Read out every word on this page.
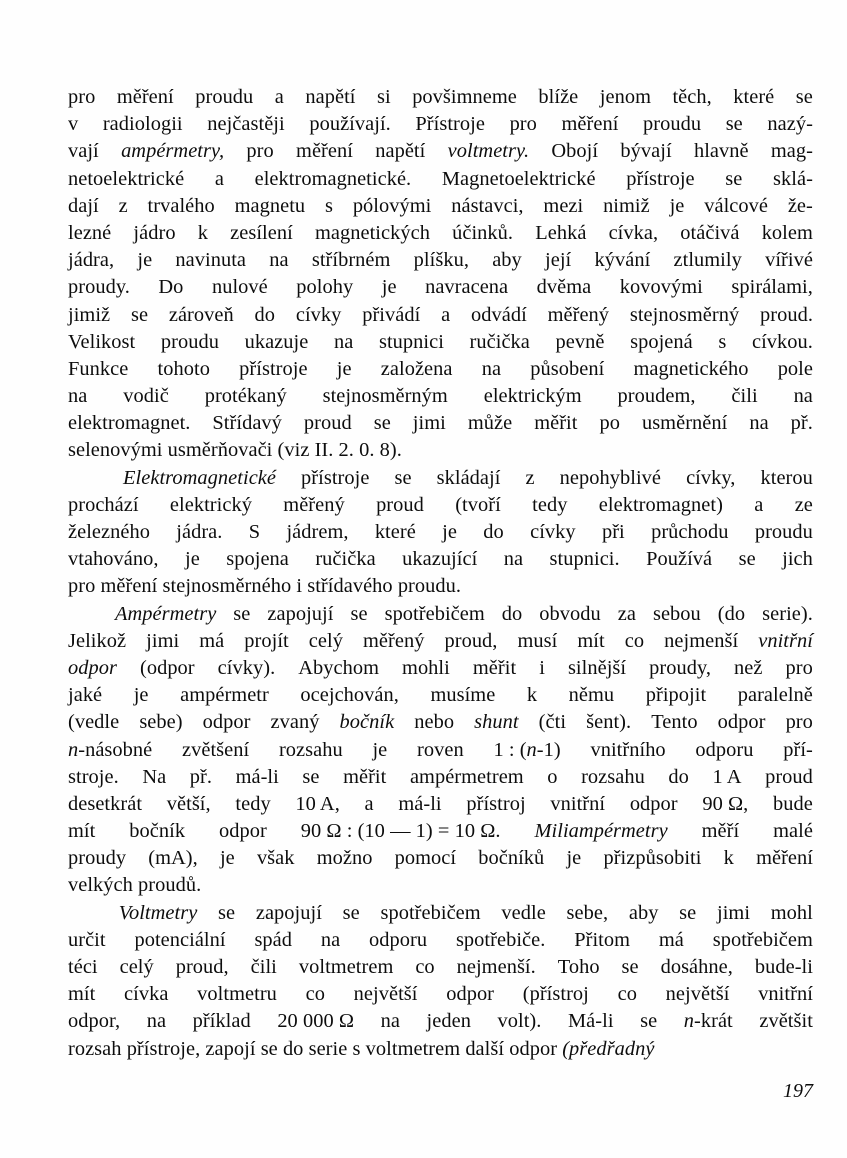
pro měření proudu a napětí si povšimneme blíže jenom těch, které se
v radiologii nejčastěji používají. Přístroje pro měření proudu se nazý-
vají ampérmetry, pro měření napětí voltmetry. Obojí bývají hlavně mag-
netoelektrické a elektromagnetické. Magnetoelektrické přístroje se sklá-
dají z trvalého magnetu s pólovými nástavci, mezi nimiž je válcové že-
lezné jádro k zesílení magnetických účinků. Lehká cívka, otáčivá kolem
jádra, je navinuta na stříbrném plíšku, aby její kývání ztlumily vířivé
proudy. Do nulové polohy je navracena dvěma kovovými spirálami,
jimiž se zároveň do cívky přivádí a odvádí měřený stejnosměrný proud.
Velikost proudu ukazuje na stupnici ručička pevně spojená s cívkou.
Funkce tohoto přístroje je založena na působení magnetického pole
na vodič protékaný stejnosměrným elektrickým proudem, čili na
elektromagnet. Střídavý proud se jimi může měřit po usměrnění na př.
selenovými usměrňovači (viz II. 2. 0. 8).
Elektromagnetické přístroje se skládají z nepohyblivé cívky, kterou
prochází elektrický měřený proud (tvoří tedy elektromagnet) a ze
železného jádra. S jádrem, které je do cívky při průchodu proudu
vtahováno, je spojena ručička ukazující na stupnici. Používá se jich
pro měření stejnosměrného i střídavého proudu.
Ampérmetry se zapojují se spotřebičem do obvodu za sebou (do serie).
Jelikož jimi má projít celý měřený proud, musí mít co nejmenší vnitřní
odpor (odpor cívky). Abychom mohli měřit i silnější proudy, než pro
jaké je ampérmetr ocejchován, musíme k němu připojit paralelně
(vedle sebe) odpor zvaný bočník nebo shunt (čti šent). Tento odpor pro
n-násobné zvětšení rozsahu je roven 1 : (n-1) vnitřního odporu pří-
stroje. Na př. má-li se měřit ampérmetrem o rozsahu do 1 A proud
desetkrát větší, tedy 10 A, a má-li přístroj vnitřní odpor 90 Ω, bude
mít bočník odpor 90 Ω : (10 — 1) = 10 Ω. Miliampérmetry měří malé
proudy (mA), je však možno pomocí bočníků je přizpůsobiti k měření
velkých proudů.
Voltmetry se zapojují se spotřebičem vedle sebe, aby se jimi mohl
určit potenciální spád na odporu spotřebiče. Přitom má spotřebičem
téci celý proud, čili voltmetrem co nejmenší. Toho se dosáhne, bude-li
mít cívka voltmetru co největší odpor (přístroj co největší vnitřní
odpor, na příklad 20 000 Ω na jeden volt). Má-li se n-krát zvětšit
rozsah přístroje, zapojí se do serie s voltmetrem další odpor (předřadný
197
